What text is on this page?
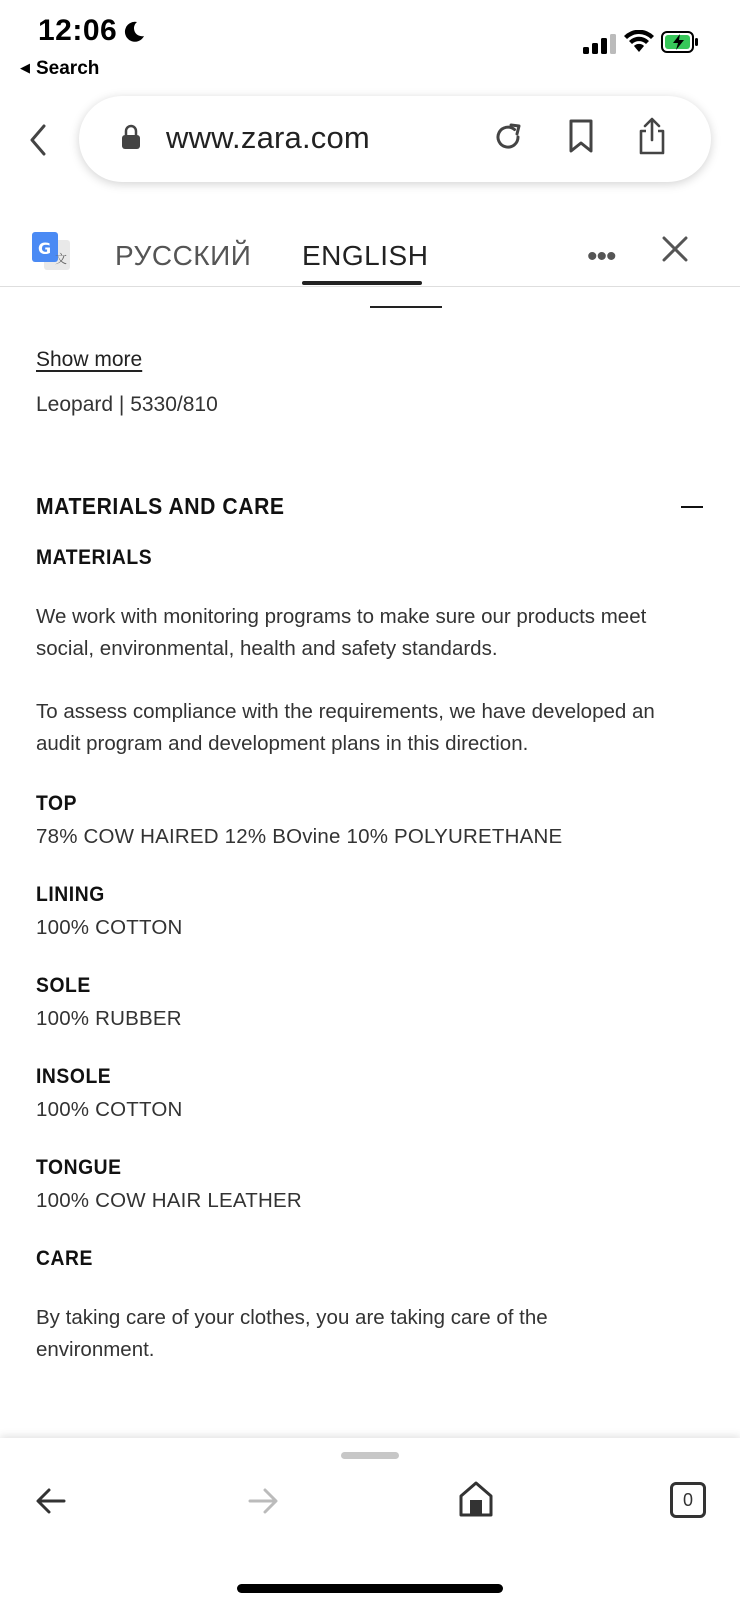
12:06
◀ Search
www.zara.com
G
文 РУССКИЙ ENGLISH	•••
Show more
Leopard | 5330/810
MATERIALS AND CARE
MATERIALS
We work with monitoring programs to make sure our products meet social, environmental, health and safety standards.
To assess compliance with the requirements, we have developed an audit program and development plans in this direction.
TOP
78% COW HAIRED 12% BOvine 10% POLYURETHANE
LINING
100% COTTON
SOLE
100% RUBBER
INSOLE
100% COTTON
TONGUE
100% COW HAIR LEATHER
CARE
By taking care of your clothes, you are taking care of the environment.
0
